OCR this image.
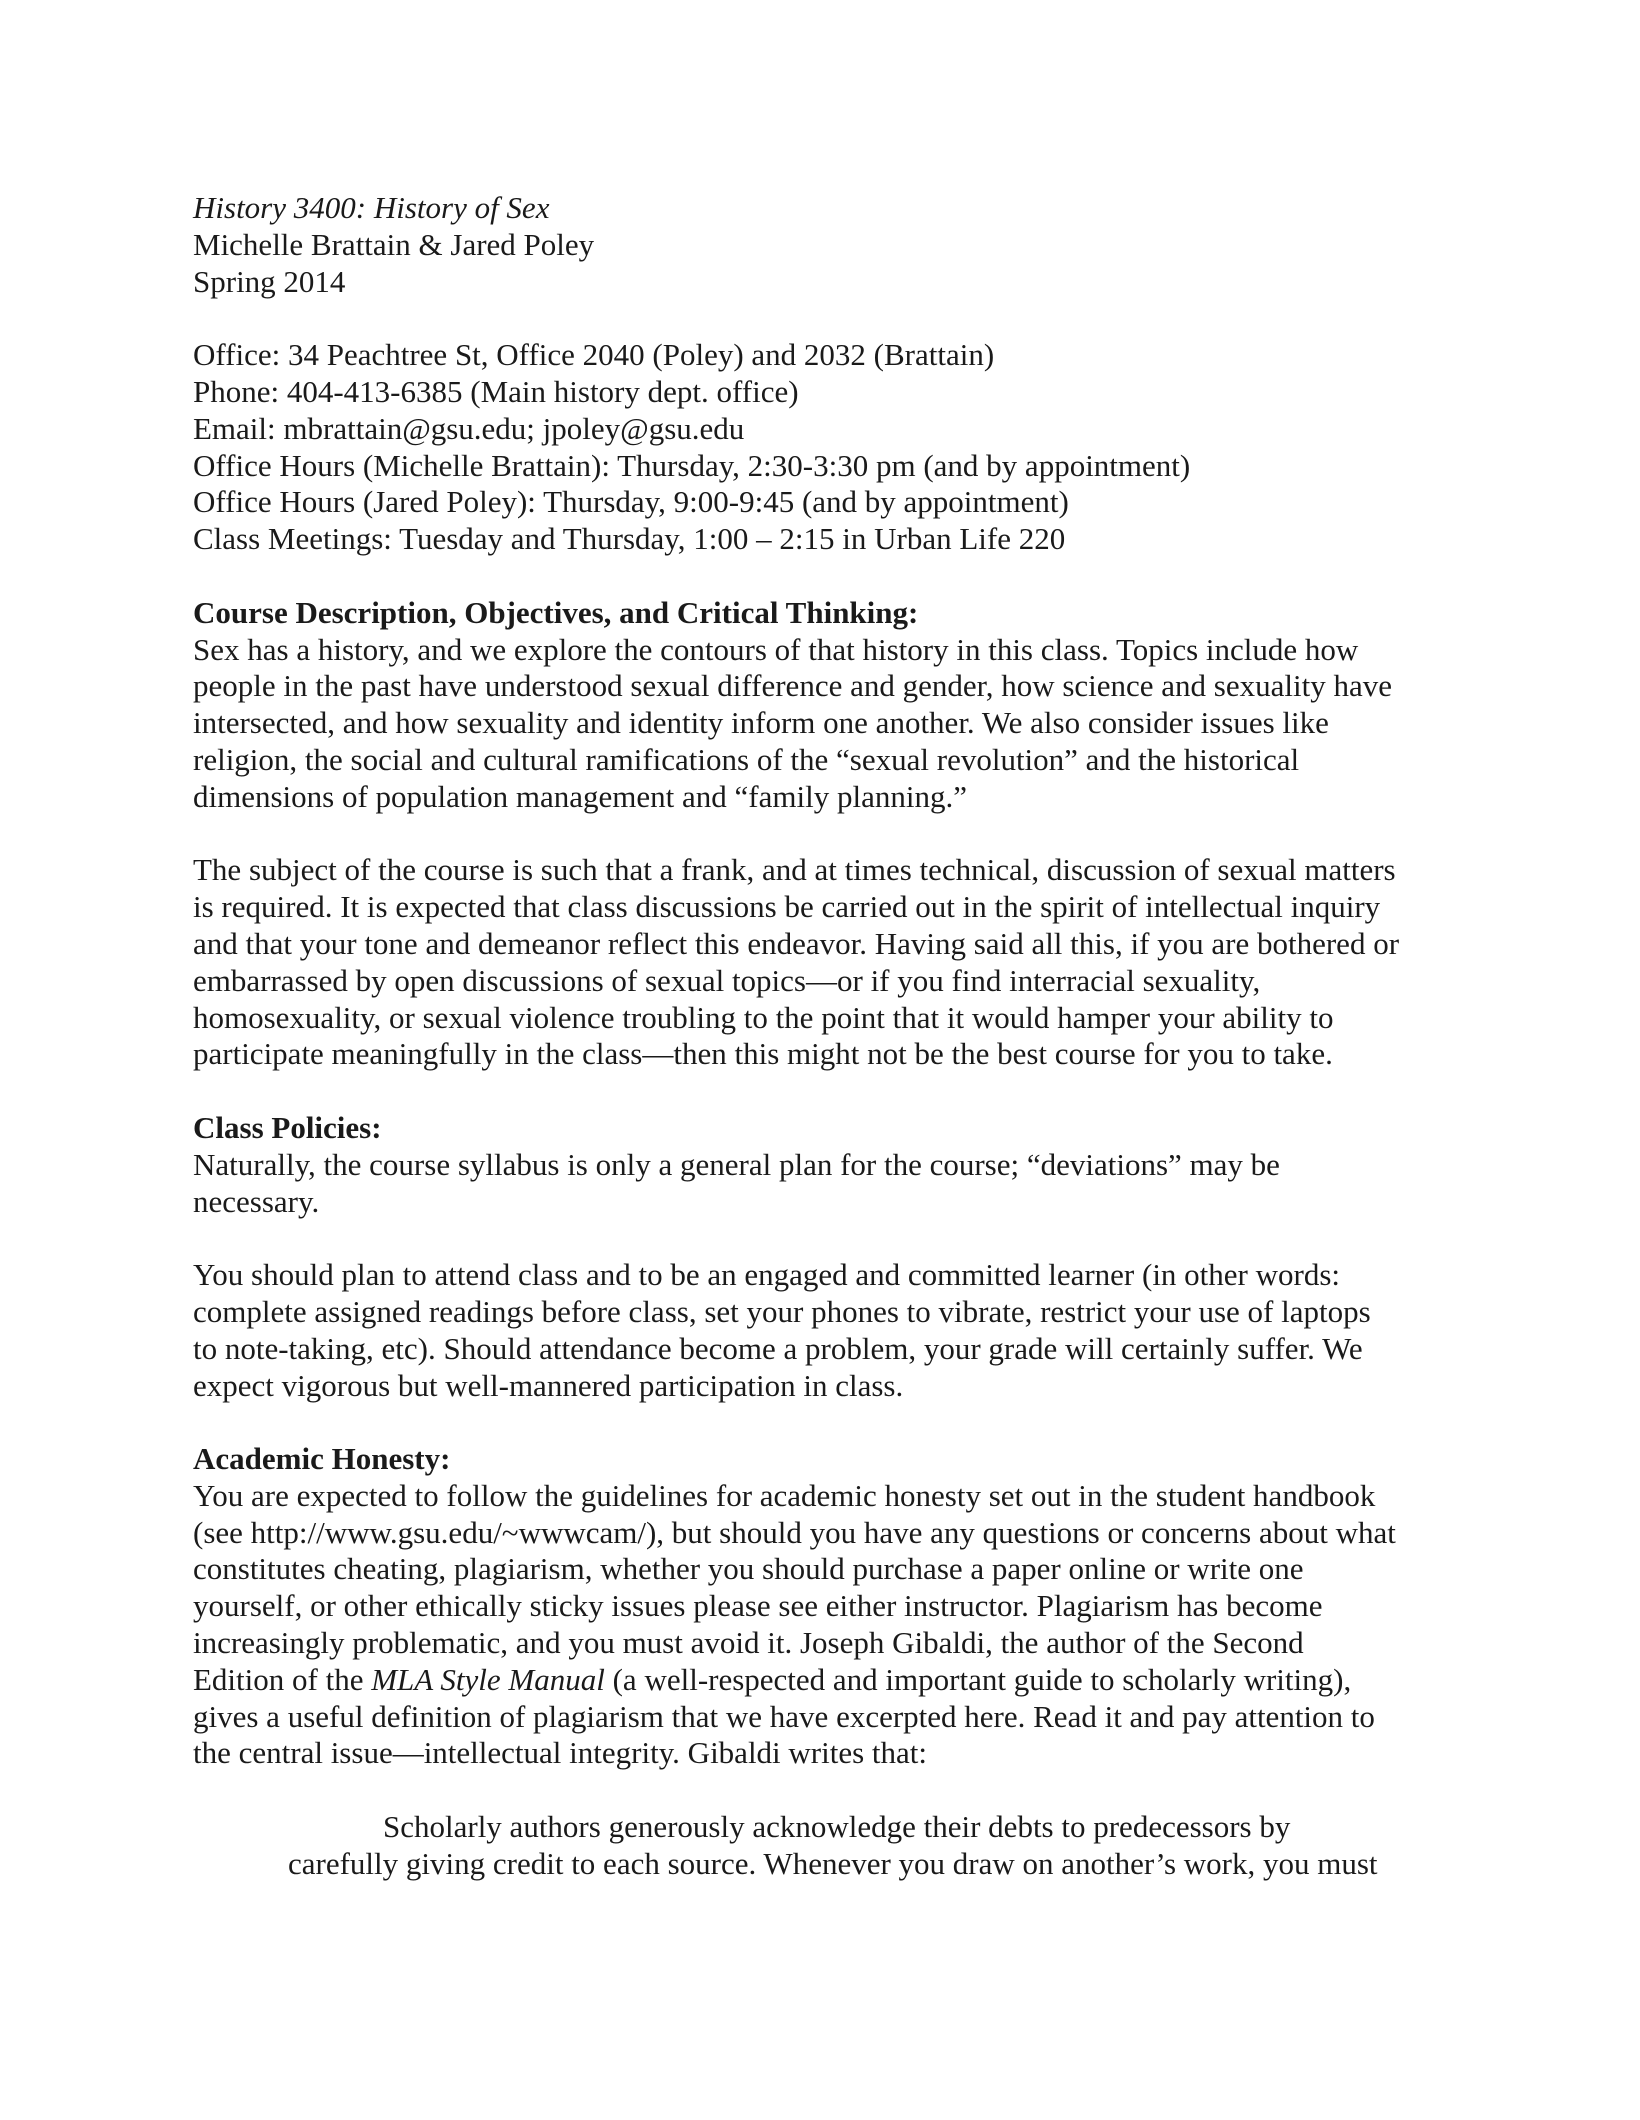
History 3400: History of Sex
Michelle Brattain & Jared Poley
Spring 2014
Office: 34 Peachtree St, Office 2040 (Poley) and 2032 (Brattain)
Phone: 404-413-6385 (Main history dept. office)
Email: mbrattain@gsu.edu; jpoley@gsu.edu
Office Hours (Michelle Brattain): Thursday, 2:30-3:30 pm (and by appointment)
Office Hours (Jared Poley): Thursday, 9:00-9:45 (and by appointment)
Class Meetings: Tuesday and Thursday, 1:00 – 2:15 in Urban Life 220
Course Description, Objectives, and Critical Thinking:
Sex has a history, and we explore the contours of that history in this class. Topics include how
people in the past have understood sexual difference and gender, how science and sexuality have
intersected, and how sexuality and identity inform one another. We also consider issues like
religion, the social and cultural ramifications of the “sexual revolution” and the historical
dimensions of population management and “family planning.”
The subject of the course is such that a frank, and at times technical, discussion of sexual matters
is required. It is expected that class discussions be carried out in the spirit of intellectual inquiry
and that your tone and demeanor reflect this endeavor. Having said all this, if you are bothered or
embarrassed by open discussions of sexual topics—or if you find interracial sexuality,
homosexuality, or sexual violence troubling to the point that it would hamper your ability to
participate meaningfully in the class—then this might not be the best course for you to take.
Class Policies:
Naturally, the course syllabus is only a general plan for the course; “deviations” may be
necessary.
You should plan to attend class and to be an engaged and committed learner (in other words:
complete assigned readings before class, set your phones to vibrate, restrict your use of laptops
to note-taking, etc). Should attendance become a problem, your grade will certainly suffer. We
expect vigorous but well-mannered participation in class.
Academic Honesty:
You are expected to follow the guidelines for academic honesty set out in the student handbook
(see http://www.gsu.edu/~wwwcam/), but should you have any questions or concerns about what
constitutes cheating, plagiarism, whether you should purchase a paper online or write one
yourself, or other ethically sticky issues please see either instructor. Plagiarism has become
increasingly problematic, and you must avoid it. Joseph Gibaldi, the author of the Second
Edition of the MLA Style Manual (a well-respected and important guide to scholarly writing),
gives a useful definition of plagiarism that we have excerpted here. Read it and pay attention to
the central issue—intellectual integrity. Gibaldi writes that:
Scholarly authors generously acknowledge their debts to predecessors by
carefully giving credit to each source. Whenever you draw on another’s work, you must
